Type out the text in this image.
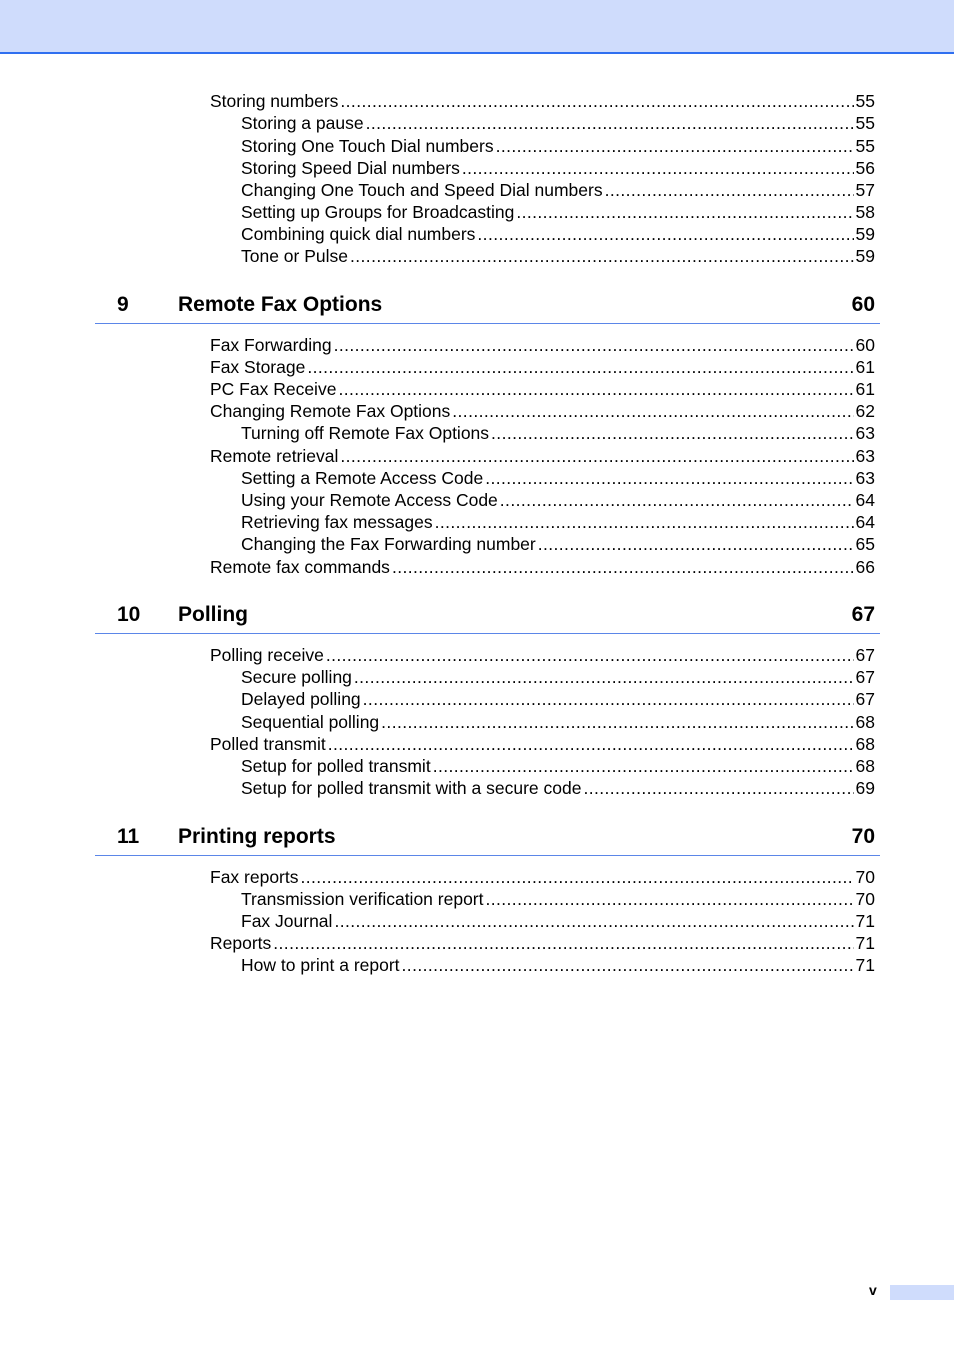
Storing numbers .....	55
Storing a pause .....	55
Storing One Touch Dial numbers .....	55
Storing Speed Dial numbers .....	56
Changing One Touch and Speed Dial numbers .....	57
Setting up Groups for Broadcasting .....	58
Combining quick dial numbers .....	59
Tone or Pulse .....	59
9 Remote Fax Options	60
Fax Forwarding .....	60
Fax Storage .....	61
PC Fax Receive .....	61
Changing Remote Fax Options .....	62
Turning off Remote Fax Options .....	63
Remote retrieval .....	63
Setting a Remote Access Code .....	63
Using your Remote Access Code .....	64
Retrieving fax messages .....	64
Changing the Fax Forwarding number .....	65
Remote fax commands .....	66
10 Polling	67
Polling receive .....	67
Secure polling .....	67
Delayed polling .....	67
Sequential polling .....	68
Polled transmit .....	68
Setup for polled transmit .....	68
Setup for polled transmit with a secure code .....	69
11 Printing reports	70
Fax reports .....	70
Transmission verification report .....	70
Fax Journal .....	71
Reports .....	71
How to print a report .....	71
v
